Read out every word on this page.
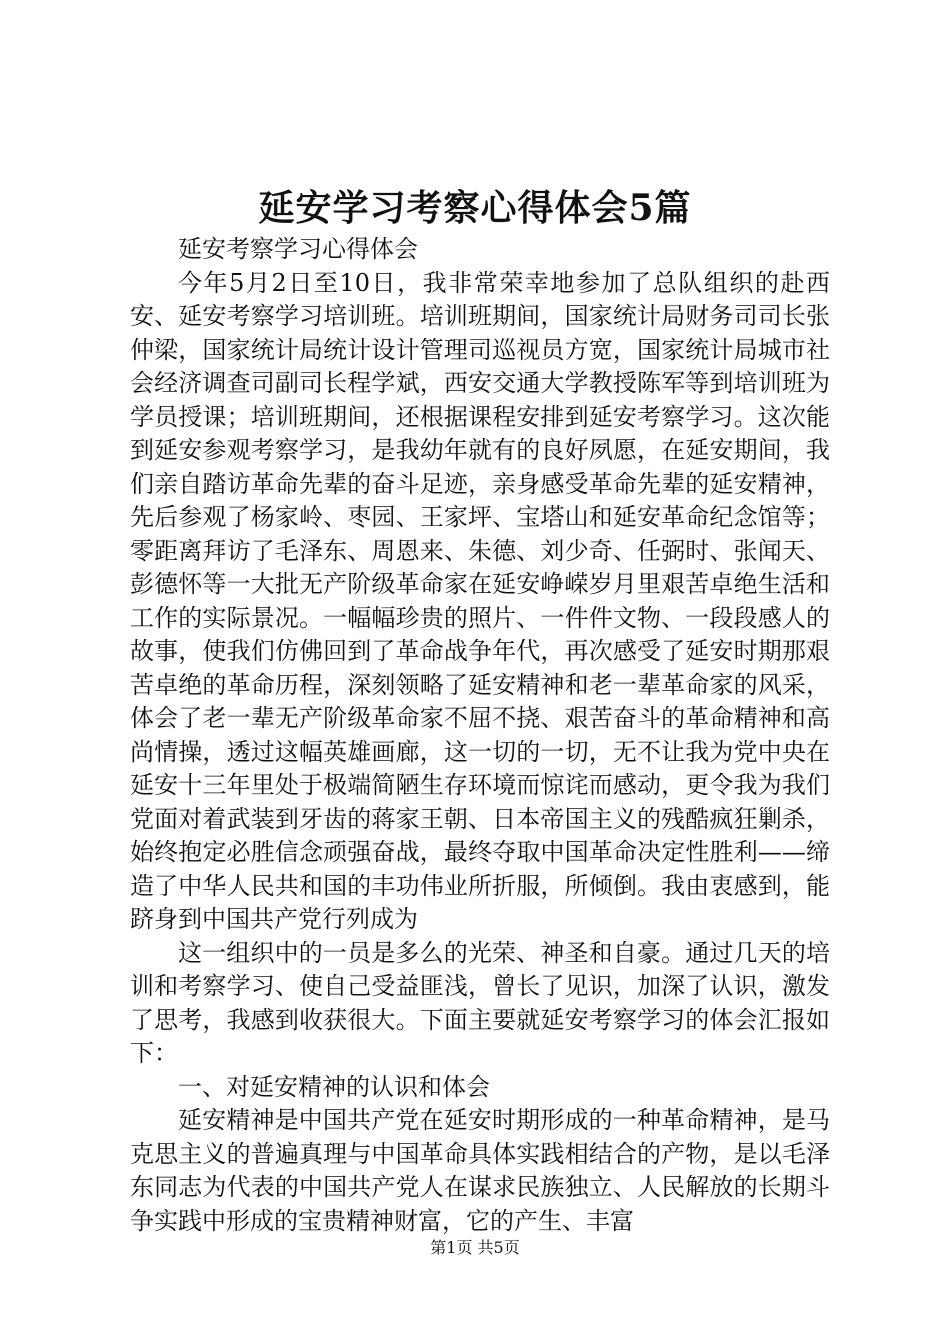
延安学习考察心得体会5篇

延安考察学习心得体会

今年5月2日至10日，我非常荣幸地参加了总队组织的赴西安、延安考察学习培训班。培训班期间，国家统计局财务司司长张仲梁，国家统计局统计设计管理司巡视员方宽，国家统计局城市社会经济调查司副司长程学斌，西安交通大学教授陈军等到培训班为学员授课；培训班期间，还根据课程安排到延安考察学习。这次能到延安参观考察学习，是我幼年就有的良好夙愿，在延安期间，我们亲自踏访革命先辈的奋斗足迹，亲身感受革命先辈的延安精神，先后参观了杨家岭、枣园、王家坪、宝塔山和延安革命纪念馆等；零距离拜访了毛泽东、周恩来、朱德、刘少奇、任弼时、张闻天、彭德怀等一大批无产阶级革命家在延安峥嵘岁月里艰苦卓绝生活和工作的实际景况。一幅幅珍贵的照片、一件件文物、一段段感人的故事，使我们仿佛回到了革命战争年代，再次感受了延安时期那艰苦卓绝的革命历程，深刻领略了延安精神和老一辈革命家的风采，体会了老一辈无产阶级革命家不屈不挠、艰苦奋斗的革命精神和高尚情操，透过这幅英雄画廊，这一切的一切，无不让我为党中央在延安十三年里处于极端简陋生存环境而惊诧而感动，更令我为我们党面对着武装到牙齿的蒋家王朝、日本帝国主义的残酷疯狂剿杀，始终抱定必胜信念顽强奋战，最终夺取中国革命决定性胜利——缔造了中华人民共和国的丰功伟业所折服，所倾倒。我由衷感到，能跻身到中国共产党行列成为

这一组织中的一员是多么的光荣、神圣和自豪。通过几天的培训和考察学习、使自己受益匪浅，曾长了见识，加深了认识，激发了思考，我感到收获很大。下面主要就延安考察学习的体会汇报如下：

一、对延安精神的认识和体会

延安精神是中国共产党在延安时期形成的一种革命精神，是马克思主义的普遍真理与中国革命具体实践相结合的产物，是以毛泽东同志为代表的中国共产党人在谋求民族独立、人民解放的长期斗争实践中形成的宝贵精神财富，它的产生、丰富

第1页 共5页
